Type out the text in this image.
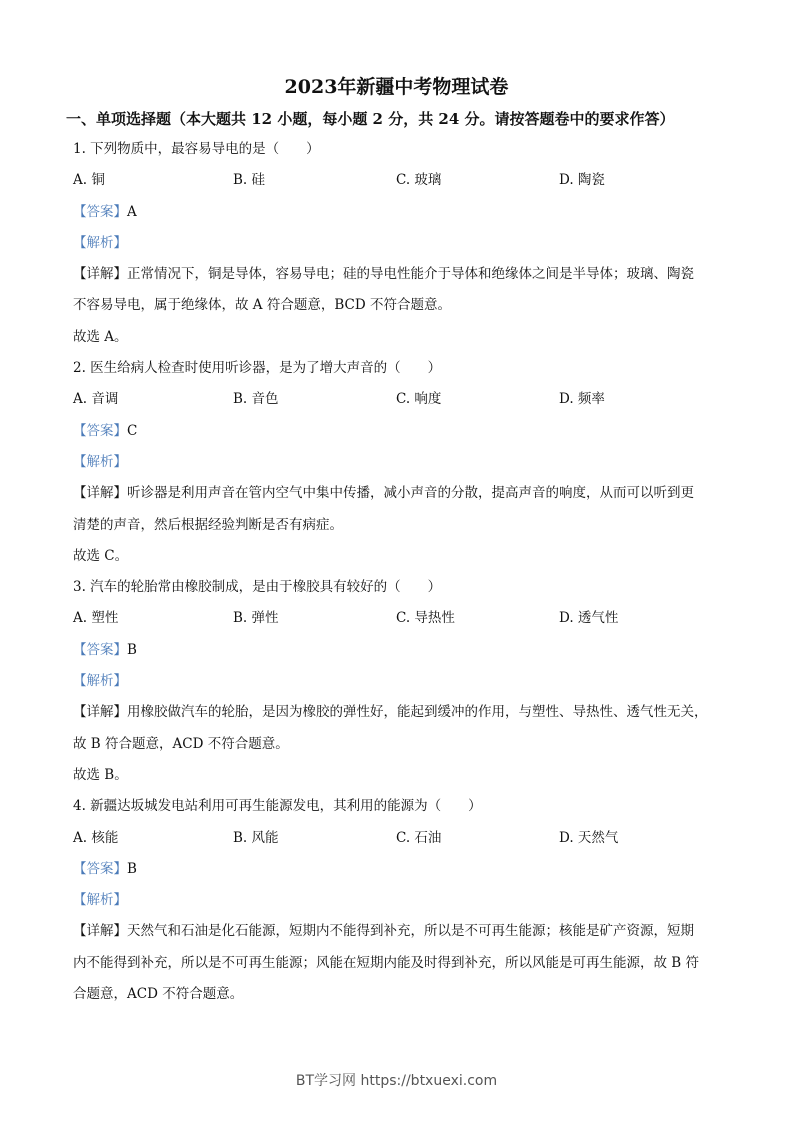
2023年新疆中考物理试卷
一、单项选择题（本大题共 12 小题，每小题 2 分，共 24 分。请按答题卷中的要求作答）
1. 下列物质中，最容易导电的是（　　）
A. 铜	B. 硅	C. 玻璃	D. 陶瓷
【答案】A
【解析】
【详解】正常情况下，铜是导体，容易导电；硅的导电性能介于导体和绝缘体之间是半导体；玻璃、陶瓷
不容易导电，属于绝缘体，故 A 符合题意，BCD 不符合题意。
故选 A。
2. 医生给病人检查时使用听诊器，是为了增大声音的（　　）
A. 音调	B. 音色	C. 响度	D. 频率
【答案】C
【解析】
【详解】听诊器是利用声音在管内空气中集中传播，减小声音的分散，提高声音的响度，从而可以听到更
清楚的声音，然后根据经验判断是否有病症。
故选 C。
3. 汽车的轮胎常由橡胶制成，是由于橡胶具有较好的（　　）
A. 塑性	B. 弹性	C. 导热性	D. 透气性
【答案】B
【解析】
【详解】用橡胶做汽车的轮胎，是因为橡胶的弹性好，能起到缓冲的作用，与塑性、导热性、透气性无关，
故 B 符合题意，ACD 不符合题意。
故选 B。
4. 新疆达坂城发电站利用可再生能源发电，其利用的能源为（　　）
A. 核能	B. 风能	C. 石油	D. 天然气
【答案】B
【解析】
【详解】天然气和石油是化石能源，短期内不能得到补充，所以是不可再生能源；核能是矿产资源，短期
内不能得到补充，所以是不可再生能源；风能在短期内能及时得到补充，所以风能是可再生能源，故 B 符
合题意，ACD 不符合题意。
BT学习网 https://btxuexi.com
